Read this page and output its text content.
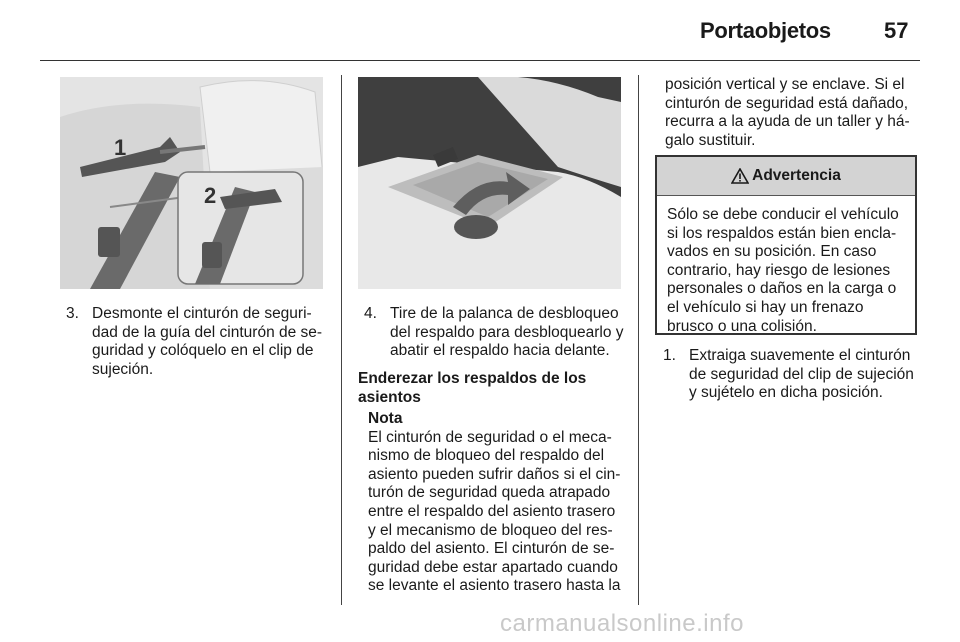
Portaobjetos 57
1
2
3. Desmonte el cinturón de seguri-
dad de la guía del cinturón de se-
guridad y colóquelo en el clip de
sujeción.
4. Tire de la palanca de desbloqueo
del respaldo para desbloquearlo y
abatir el respaldo hacia delante.
Enderezar los respaldos de los
asientos
Nota
El cinturón de seguridad o el meca-
nismo de bloqueo del respaldo del
asiento pueden sufrir daños si el cin-
turón de seguridad queda atrapado
entre el respaldo del asiento trasero
y el mecanismo de bloqueo del res-
paldo del asiento. El cinturón de se-
guridad debe estar apartado cuando
se levante el asiento trasero hasta la
posición vertical y se enclave. Si el
cinturón de seguridad está dañado,
recurra a la ayuda de un taller y há-
galo sustituir.
Advertencia
Sólo se debe conducir el vehículo
si los respaldos están bien encla-
vados en su posición. En caso
contrario, hay riesgo de lesiones
personales o daños en la carga o
el vehículo si hay un frenazo
brusco o una colisión.
1. Extraiga suavemente el cinturón
de seguridad del clip de sujeción
y sujételo en dicha posición.
carmanualsonline.info
